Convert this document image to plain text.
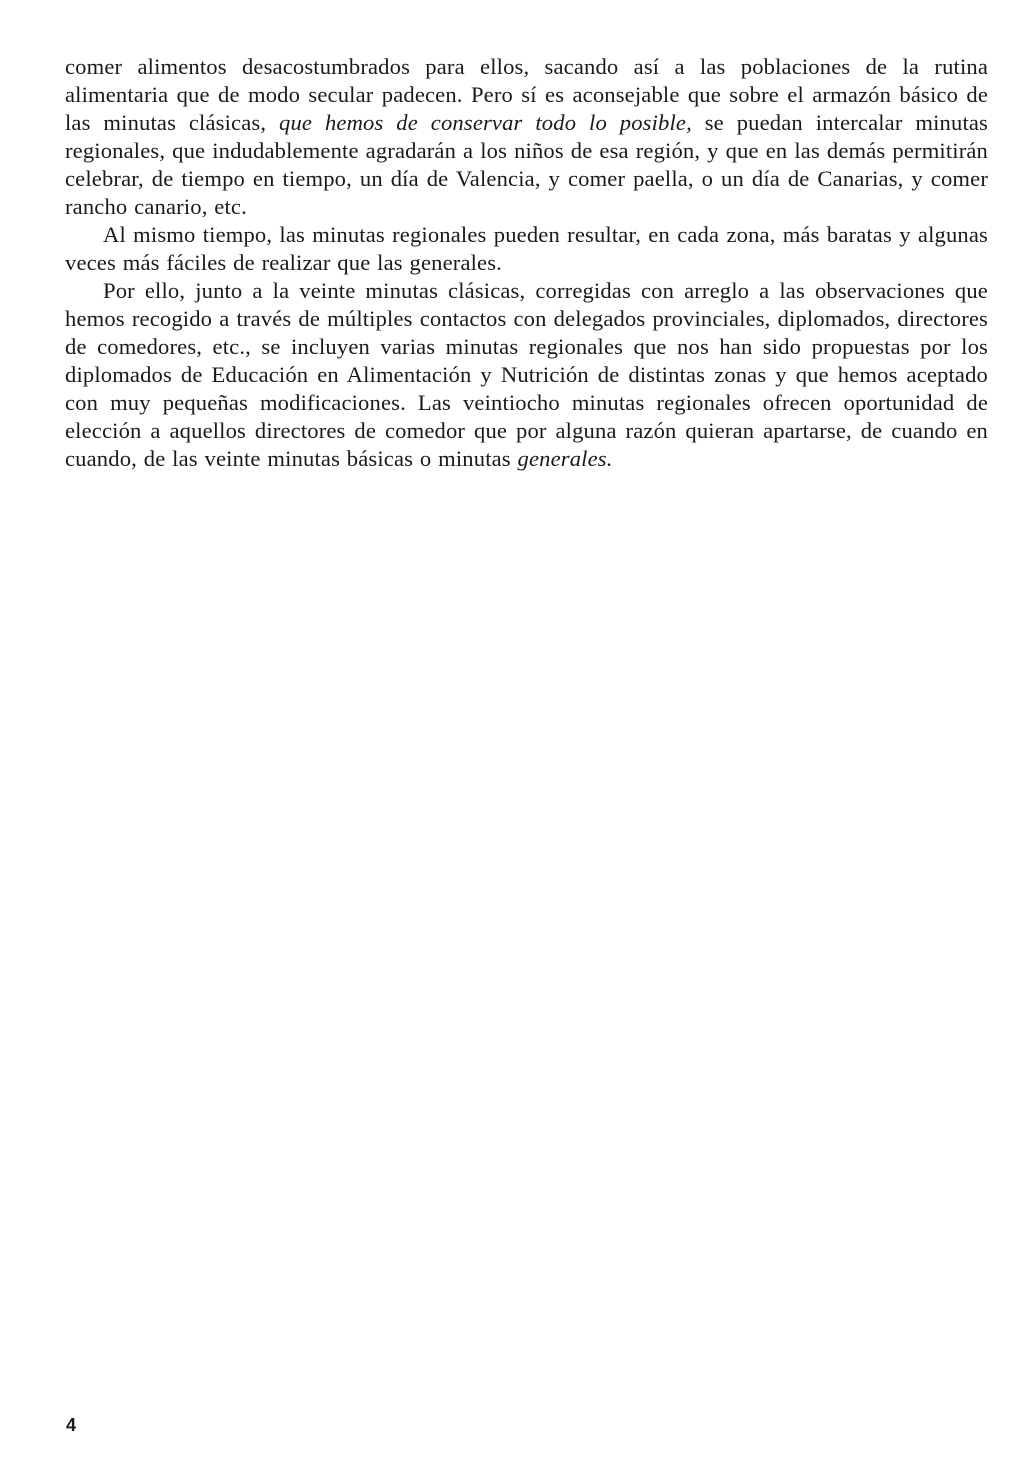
comer alimentos desacostumbrados para ellos, sacando así a las poblaciones de la rutina alimentaria que de modo secular padecen. Pero sí es aconsejable que sobre el armazón básico de las minutas clásicas, que hemos de conservar todo lo posible, se puedan intercalar minutas regionales, que indudablemente agradarán a los niños de esa región, y que en las demás permitirán celebrar, de tiempo en tiempo, un día de Valencia, y comer paella, o un día de Canarias, y comer rancho canario, etc.

Al mismo tiempo, las minutas regionales pueden resultar, en cada zona, más baratas y algunas veces más fáciles de realizar que las generales.

Por ello, junto a la veinte minutas clásicas, corregidas con arreglo a las observaciones que hemos recogido a través de múltiples contactos con delegados provinciales, diplomados, directores de comedores, etc., se incluyen varias minutas regionales que nos han sido propuestas por los diplomados de Educación en Alimentación y Nutrición de distintas zonas y que hemos aceptado con muy pequeñas modificaciones. Las veintiocho minutas regionales ofrecen oportunidad de elección a aquellos directores de comedor que por alguna razón quieran apartarse, de cuando en cuando, de las veinte minutas básicas o minutas generales.

4
